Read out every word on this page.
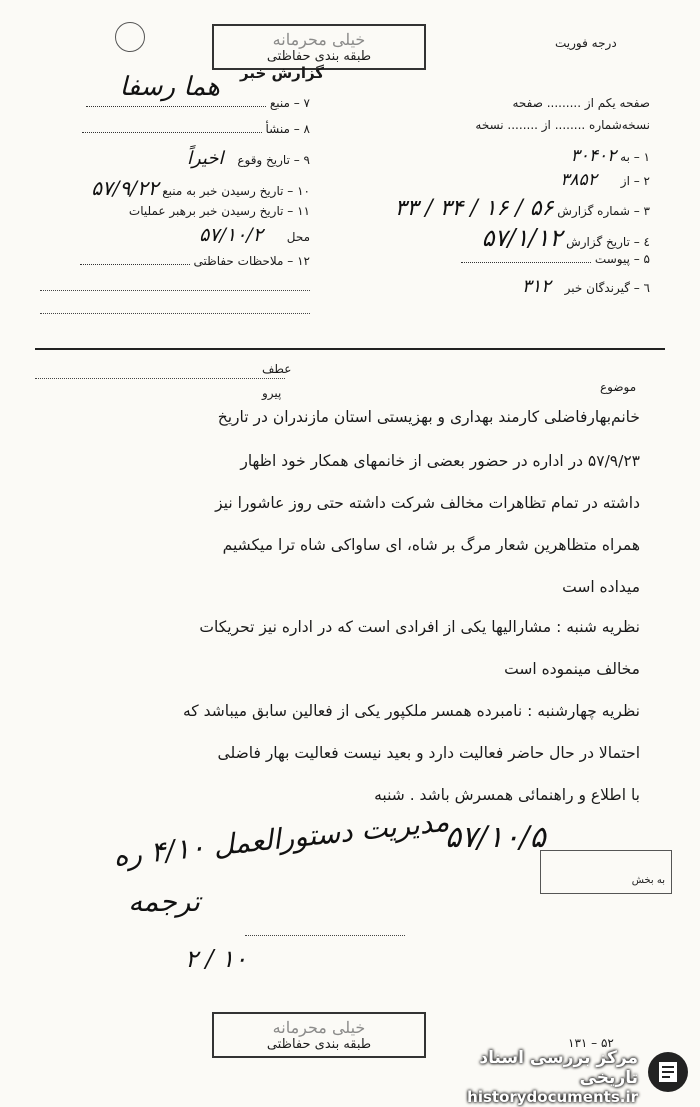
خیلی محرمانه
طبقه بندی حفاظتی
گزارش خبر
درجه فوریت
هما رسفا
۷ – منبع
۸ – منشأ
۹ – تاریخ وقوع اخیراً
۱۰ – تاریخ رسیدن خبر به منبع ۵۷/۹/۲۲
۱۱ – تاریخ رسیدن خبر برهبر عملیات
محل ۵۷/۱۰/۲
۱۲ – ملاحظات حفاظتی
صفحه یکم از ......... صفحه
نسخه‌شماره ........ از ........ نسخه
۱ – به ۳۰۴۰۲
۲ – از ۳۸۵۲
۳ – شماره گزارش ۵۶ / ۱۶ / ۳۴ / ۳۳
٤ – تاریخ گزارش ۵۷/۱/۱۲
۵ – پیوست
٦ – گیرندگان خبر ۳۱۲
عطف
پیرو	موضوع
خانم‌بهارفاضلی کارمند بهداری و بهزیستی استان مازندران در تاریخ
۵۷/۹/۲۳ در اداره در حضور بعضی از خانمهای همکار خود اظهار
داشته در تمام تظاهرات مخالف شرکت داشته حتی روز عاشورا نیز
همراه متظاهرین شعار مرگ بر شاه، ای ساواکی شاه ترا میکشیم
میداده است
نظریه شنبه : مشارالیها یکی از افرادی است که در اداره نیز تحریکات
مخالف مینموده است
نظریه چهارشنبه : نامبرده همسر ملکپور یکی از فعالین سابق میباشد که
احتمالا در حال حاضر فعالیت دارد و بعید نیست فعالیت بهار فاضلی
با اطلاع و راهنمائی همسرش باشد . شنبه
مدیریت دستورالعمل ۴/۱۰ ره
ترجمه
۲ / ۱۰
۵۷/۱۰/۵
به بخش
خیلی محرمانه
طبقه بندی حفاظتی	۱۳۱ – ۵۲
مرکز بررسی اسناد تاریخی
historydocuments.ir
